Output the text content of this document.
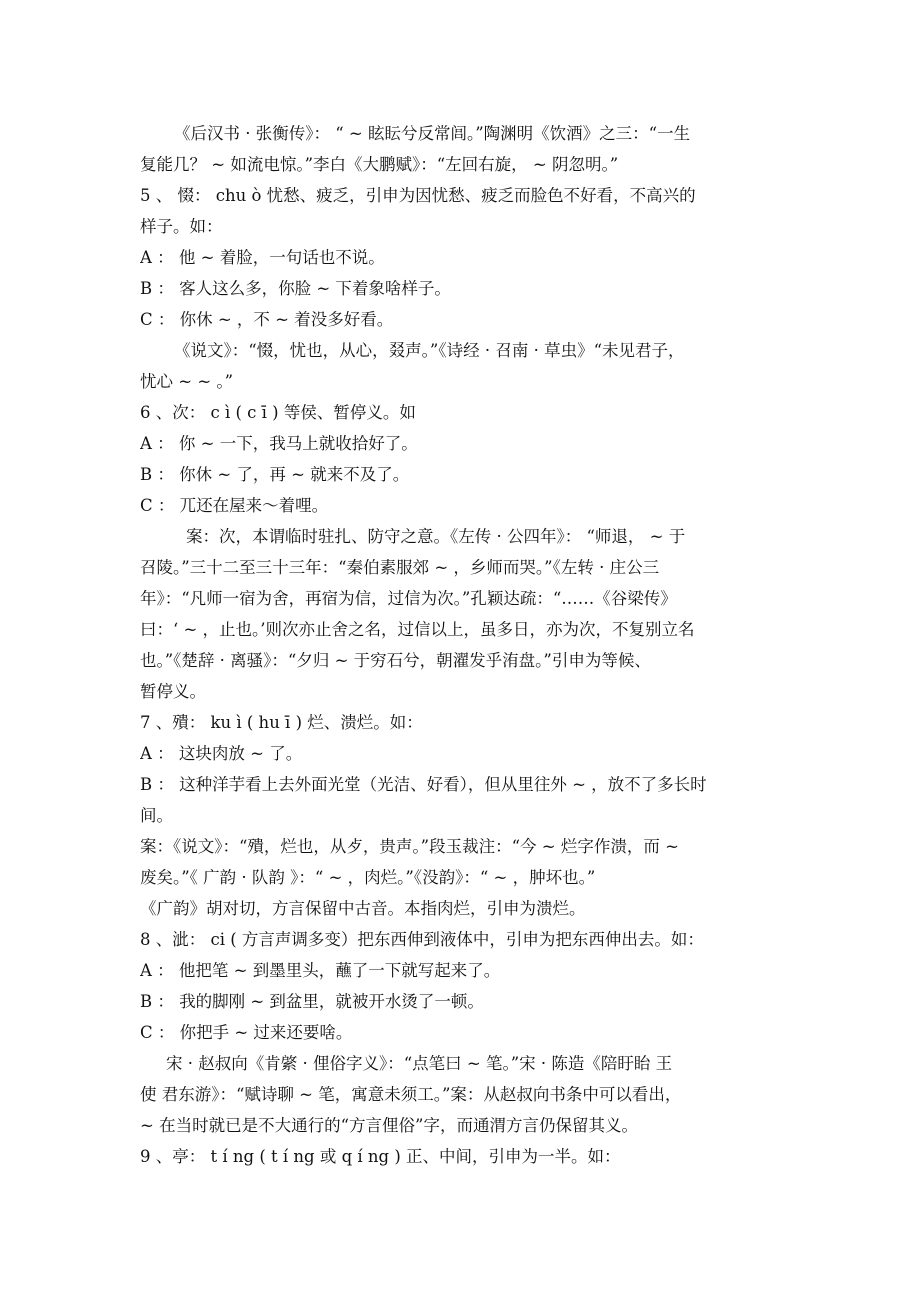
《后汉书 · 张衡传》： “ ~ 眩眃兮反常闾。”陶渊明《饮酒》之三：“一生
复能几？ ~ 如流电惊。”李白《大鹏赋》：“左回右旋， ~ 阴忽明。”
5 、 惙： chu ò 忧愁、疲乏，引申为因忧愁、疲乏而脸色不好看，不高兴的
样子。如：
A ： 他 ~ 着脸，一句话也不说。
B ： 客人这么多，你脸 ~ 下着象啥样子。
C ： 你休 ~ ，不 ~ 着没多好看。
《说文》：“惙，忧也，从心，叕声。”《诗经 · 召南 · 草虫》“未见君子，
忧心 ~ ~ 。”
6 、次： c ì ( c ī ) 等侯、暂停义。如
A ： 你 ~ 一下，我马上就收拾好了。
B ： 你休 ~ 了，再 ~ 就来不及了。
C ： 兀还在屋来～着哩。
案：次，本谓临时驻扎、防守之意。《左传 · 公四年》： “师退， ~ 于
召陵。”三十二至三十三年：“秦伯素服郊 ~ ，乡师而哭。”《左转 · 庄公三
年》：“凡师一宿为舍，再宿为信，过信为次。”孔颖达疏：“……《谷梁传》
曰：‘ ~ ，止也。’则次亦止舍之名，过信以上，虽多日，亦为次，不复别立名
也。”《楚辞 · 离骚》：“夕归 ~ 于穷石兮，朝濯发乎洧盘。”引申为等候、
暂停义。
7 、殨： ku ì ( hu ī ) 烂、溃烂。如：
A ： 这块肉放 ~ 了。
B ： 这种洋芋看上去外面光堂（光洁、好看），但从里往外 ~ ，放不了多长时
间。
案：《说文》：“殨，烂也，从歺，贵声。”段玉裁注：“今 ~ 烂字作溃，而 ~
废矣。”《 广韵 · 队韵 》：“ ~ ，肉烂。”《没韵》：“ ~ ，肿坏也。”
《广韵》胡对切，方言保留中古音。本指肉烂，引申为溃烂。
8 、泚： ci ( 方言声调多变）把东西伸到液体中，引申为把东西伸出去。如：
A ： 他把笔 ~ 到墨里头，蘸了一下就写起来了。
B ： 我的脚刚 ~ 到盆里，就被开水烫了一顿。
C ： 你把手 ~ 过来还要啥。
宋 · 赵叔向《肯綮 · 俚俗字义》：“点笔曰 ~ 笔。”宋 · 陈造《陪盱眙 王
使 君东游》：“赋诗聊 ~ 笔，寓意未须工。”案：从赵叔向书条中可以看出，
~ 在当时就已是不大通行的“方言俚俗”字，而通渭方言仍保留其义。
9 、亭： t í ng ( t í ng 或 q í ng ) 正、中间，引申为一半。如：
